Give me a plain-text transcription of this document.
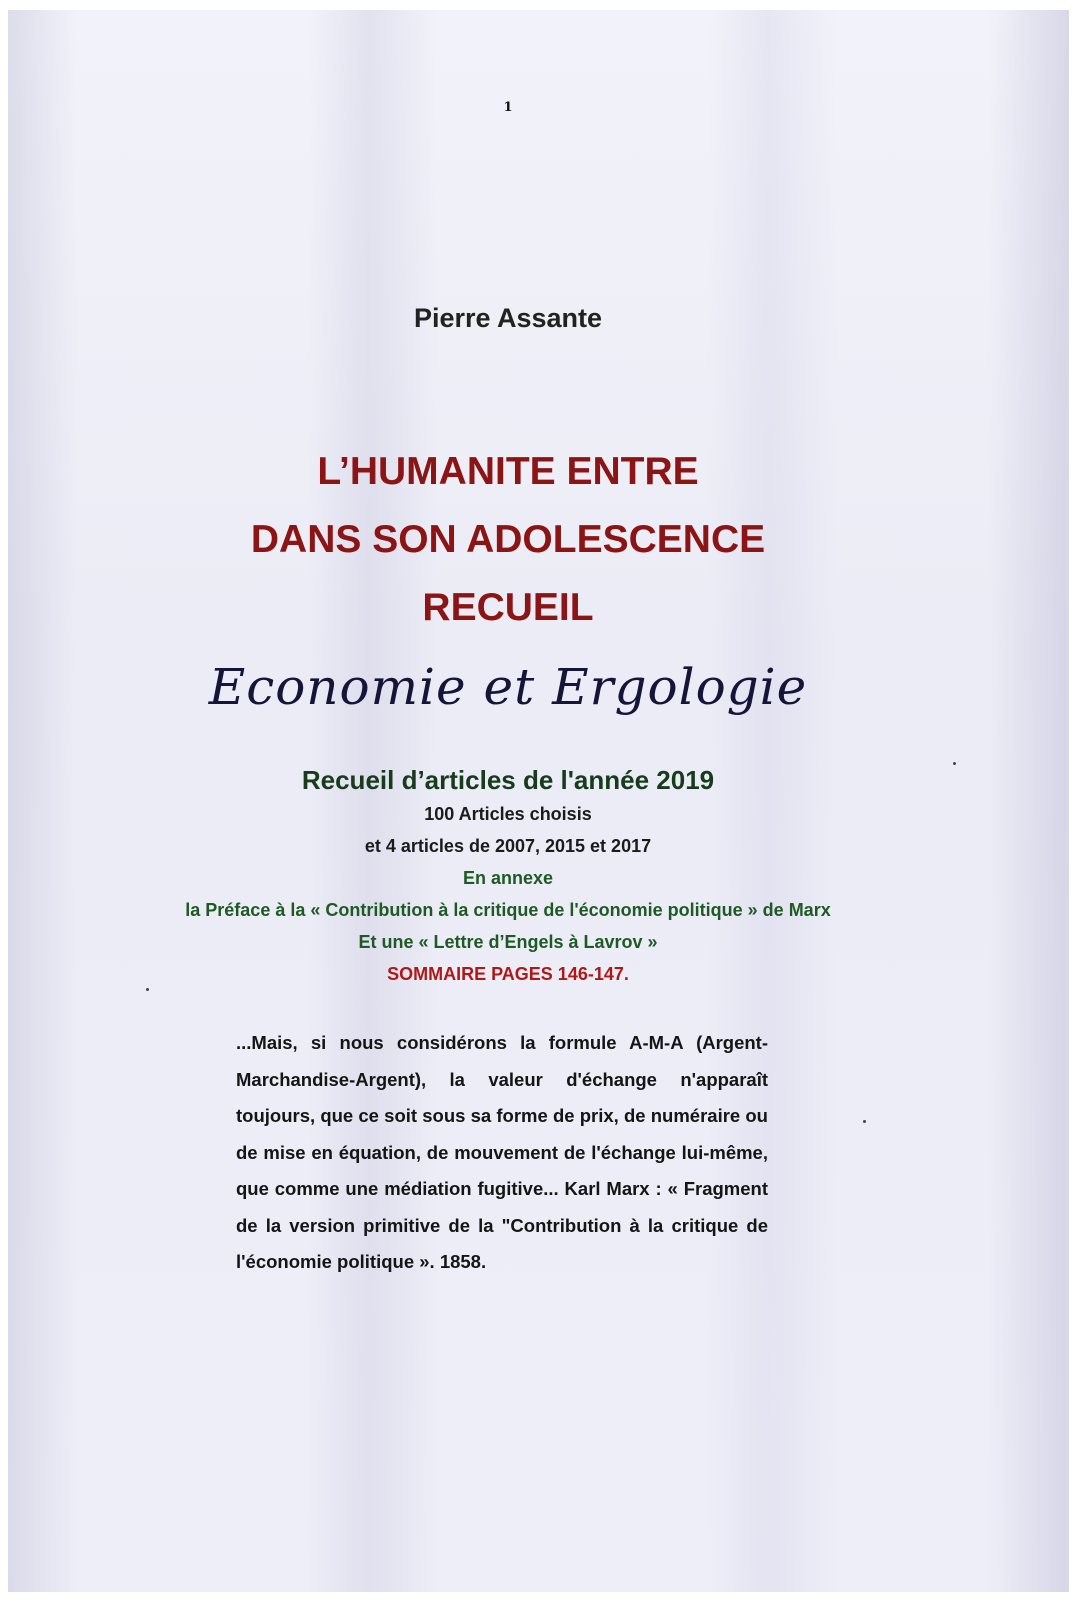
1
Pierre Assante
L’HUMANITE ENTRE
DANS SON ADOLESCENCE
RECUEIL
Economie et Ergologie
Recueil d’articles de l'année 2019
100 Articles choisis
et 4 articles de 2007, 2015 et 2017
En annexe
la Préface à la « Contribution à la critique de l'économie politique » de Marx
Et une « Lettre d’Engels à Lavrov »
SOMMAIRE PAGES 146-147.
...Mais, si nous considérons la formule A-M-A (Argent-Marchandise-Argent), la valeur d'échange n'apparaît toujours, que ce soit sous sa forme de prix, de numéraire ou de mise en équation, de mouvement de l'échange lui-même, que comme une médiation fugitive... Karl Marx : « Fragment de la version primitive de la "Contribution à la critique de l'économie politique ». 1858.
